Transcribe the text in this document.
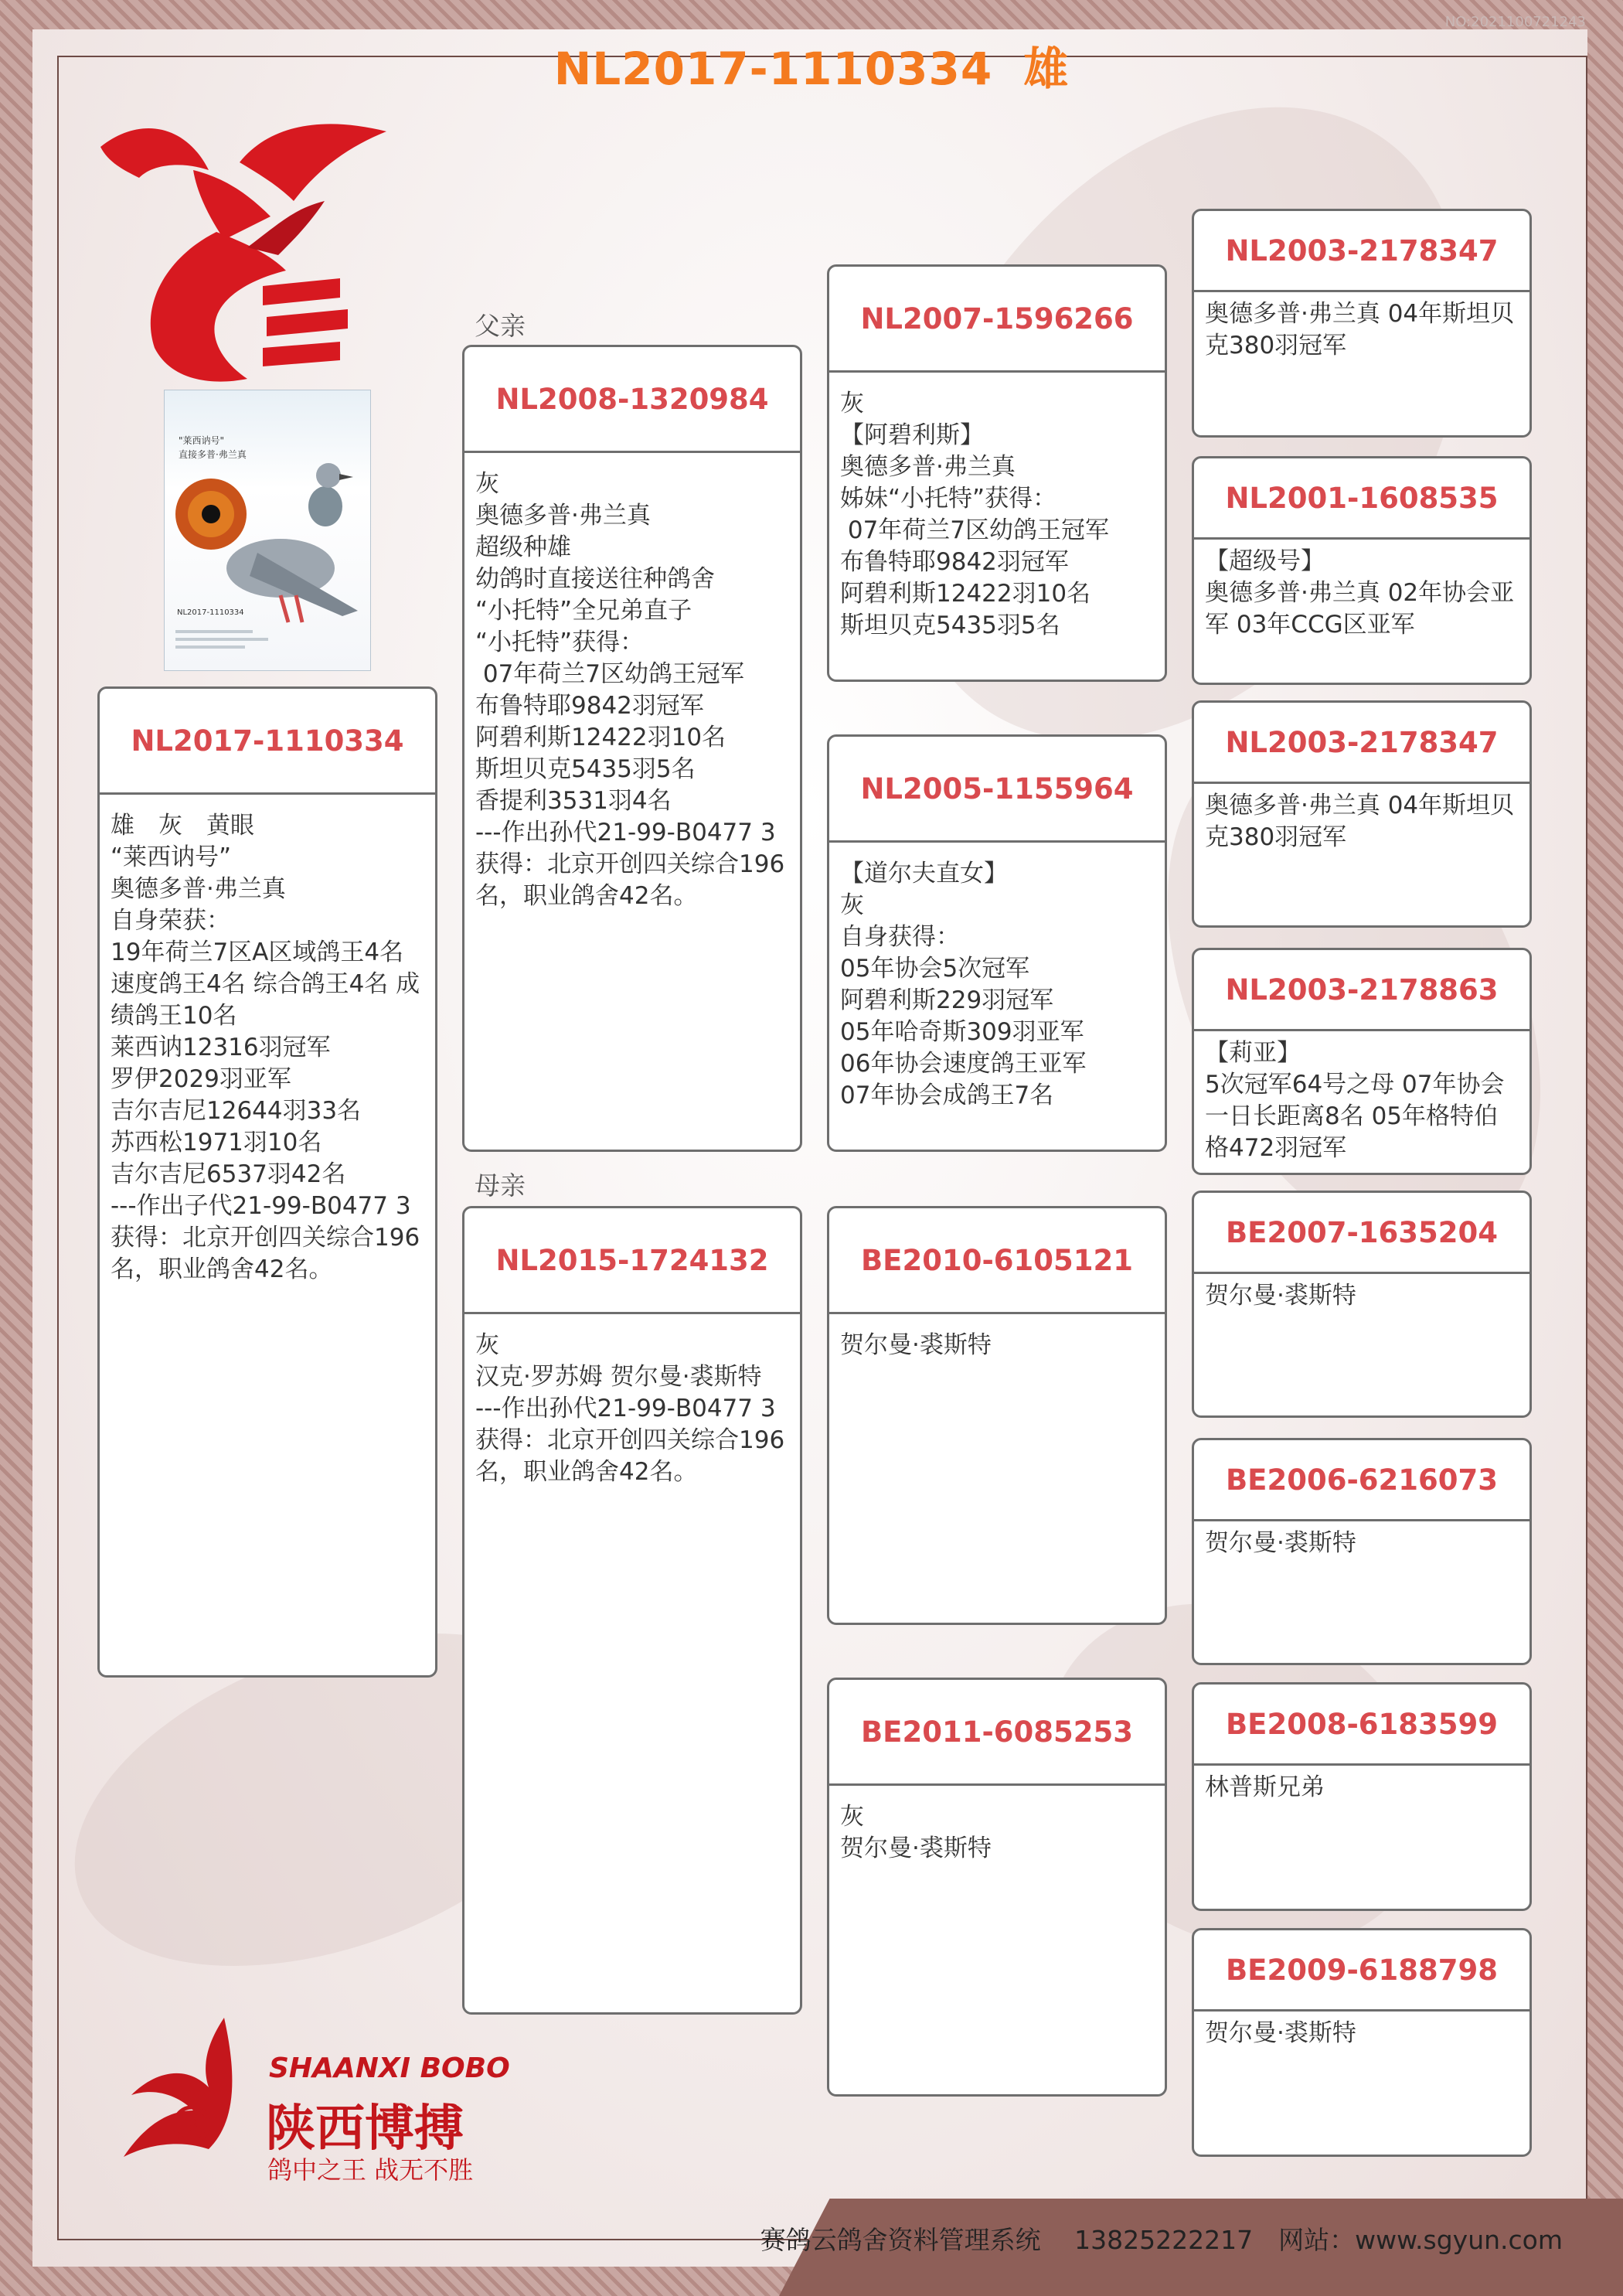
NO:2021100721243
NL2017-1110334 雄
"莱西讷号"
直接多普·弗兰真
NL2017-1110334
父亲
母亲
NL2017-1110334
雄　灰　黄眼
“莱西讷号”
奥德多普·弗兰真
自身荣获：
19年荷兰7区A区域鸽王4名 速度鸽王4名 综合鸽王4名 成绩鸽王10名
莱西讷12316羽冠军
罗伊2029羽亚军
吉尔吉尼12644羽33名
苏西松1971羽10名
吉尔吉尼6537羽42名
---作出子代21-99-B0477 3获得：北京开创四关综合196名，职业鸽舍42名。
NL2008-1320984
灰
奥德多普·弗兰真
超级种雄
幼鸽时直接送往种鸽舍
“小托特”全兄弟直子
“小托特”获得：
07年荷兰7区幼鸽王冠军
布鲁特耶9842羽冠军
阿碧利斯12422羽10名
斯坦贝克5435羽5名
香提利3531羽4名
---作出孙代21-99-B0477 3获得：北京开创四关综合196名，职业鸽舍42名。
NL2015-1724132
灰
汉克·罗苏姆 贺尔曼·裘斯特
---作出孙代21-99-B0477 3获得：北京开创四关综合196名，职业鸽舍42名。
NL2007-1596266
灰
【阿碧利斯】
奥德多普·弗兰真
姊妹“小托特”获得：
07年荷兰7区幼鸽王冠军
布鲁特耶9842羽冠军
阿碧利斯12422羽10名
斯坦贝克5435羽5名
NL2005-1155964
【道尔夫直女】
灰
自身获得：
05年协会5次冠军
阿碧利斯229羽冠军
05年哈奇斯309羽亚军
06年协会速度鸽王亚军
07年协会成鸽王7名
BE2010-6105121
贺尔曼·裘斯特
BE2011-6085253
灰
贺尔曼·裘斯特
NL2003-2178347
奥德多普·弗兰真 04年斯坦贝克380羽冠军
NL2001-1608535
【超级号】
奥德多普·弗兰真 02年协会亚军 03年CCG区亚军
NL2003-2178347
奥德多普·弗兰真 04年斯坦贝克380羽冠军
NL2003-2178863
【莉亚】
5次冠军64号之母 07年协会一日长距离8名 05年格特伯格472羽冠军
BE2007-1635204
贺尔曼·裘斯特
BE2006-6216073
贺尔曼·裘斯特
BE2008-6183599
林普斯兄弟
BE2009-6188798
贺尔曼·裘斯特
B
SHAANXI BOBO
陕西博搏
鸽中之王 战无不胜
赛鸽云鸽舍资料管理系统　 13825222217　网站：www.sgyun.com
